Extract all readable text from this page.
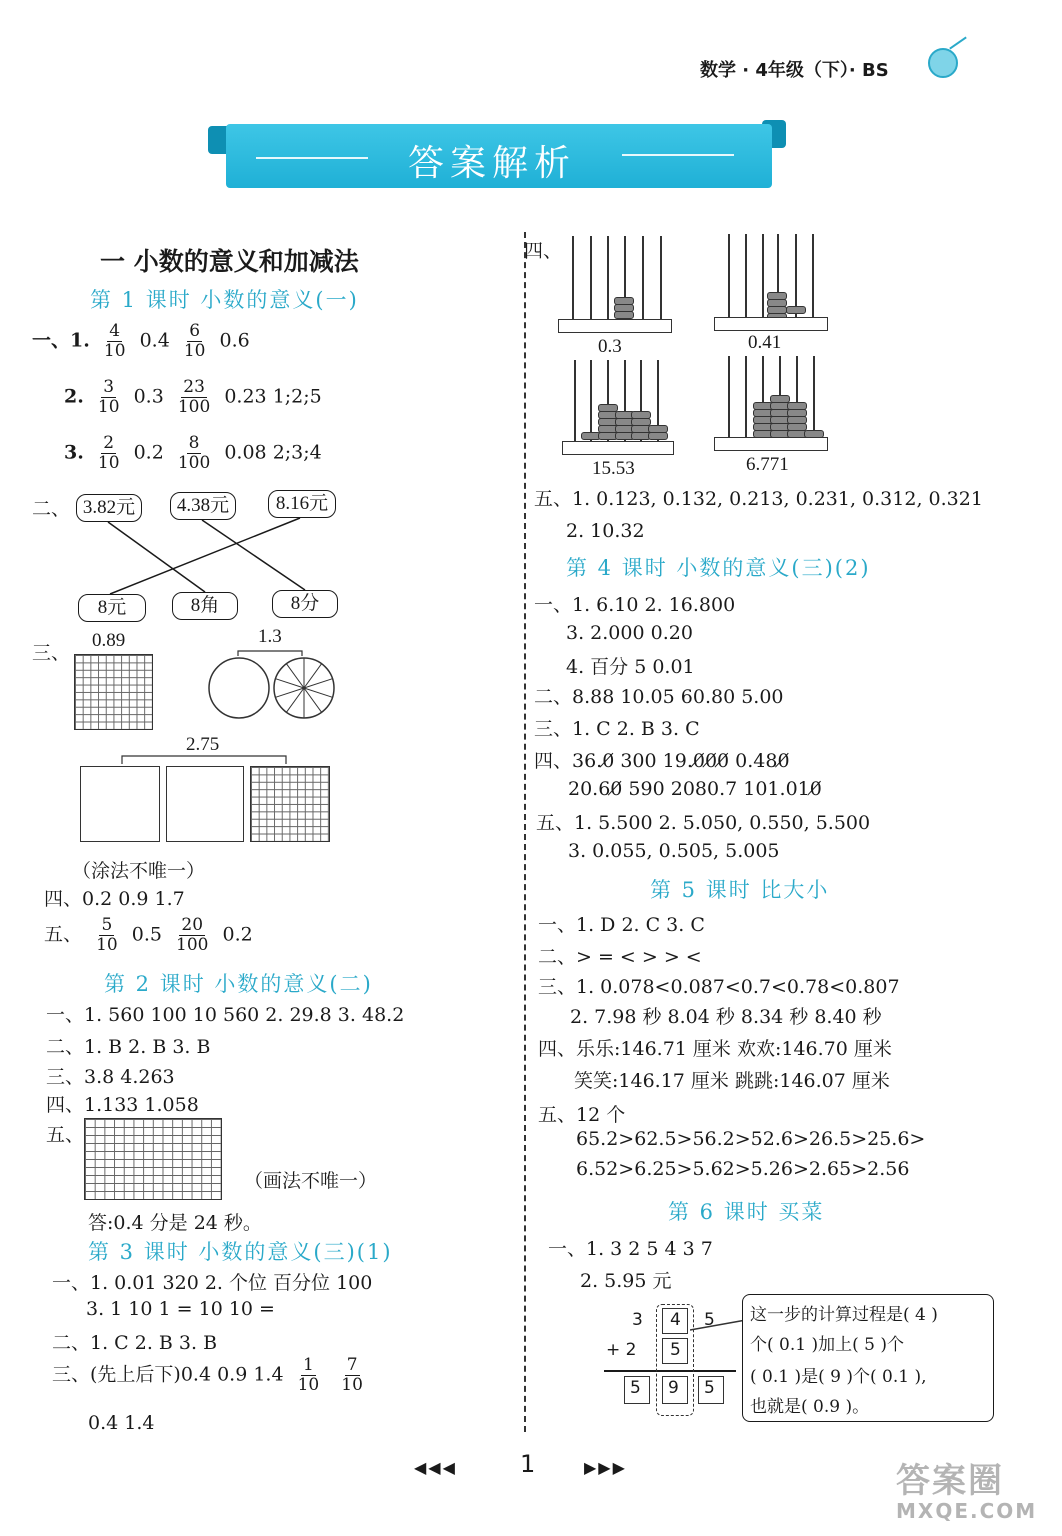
数学 · 4年级（下）· BS
答案解析
一 小数的意义和加减法
第 1 课时 小数的意义(一)
一、1. $\frac{4}{10} 0.4 \frac{6}{10} 0.6$
2. $\frac{3}{10} 0.3 \frac{23}{100} 0.23$ 1;2;5
3. $\frac{2}{10} 0.2 \frac{8}{100} 0.08$ 2;3;4
二、 3.82元	4.38元	8.16元
8元	8角	8分
三、
0.89	1.3
2.75
（涂法不唯一）
四、0.2 0.9 1.7
五、 $\frac{5}{10} 0.5 \frac{20}{100} 0.2$
第 2 课时 小数的意义(二)
一、1. 560 100 10 560 2. 29.8 3. 48.2
二、1. B 2. B 3. B
三、3.8 4.263
四、1.133 1.058
五、
（画法不唯一）
答:0.4 分是 24 秒。
第 3 课时 小数的意义(三)(1)
一、1. 0.01 320 2. 个位 百分位 100
3. 1 10 1 = 10 10 =
二、1. C 2. B 3. B
三、(先上后下)0.4 0.9 $1.4 \frac{1}{10}$
$\frac{7}{10}$
0.4 1.4
四、
0.3	0.41
15.53	6.771
五、1. 0.123, 0.132, 0.213, 0.231, 0.312, 0.321
2. 10.32
第 4 课时 小数的意义(三)(2)
一、1. 6.10 2. 16.800
3. 2.000 0.20
4. 百分 5 0.01
二、8.88 10.05 60.80 5.00
三、1. C 2. B 3. C
四、36.0̸ 300 19.0̸0̸0̸ 0.480̸
20.60̸ 590 2080.7 101.010̸
五、1. 5.500 2. 5.050, 0.550, 5.500
3. 0.055, 0.505, 5.005
第 5 课时 比大小
一、1. D 2. C 3. C
二、> = < > > <
三、1. 0.078<0.087<0.7<0.78<0.807
2. 7.98 秒 8.04 秒 8.34 秒 8.40 秒
四、乐乐:146.71 厘米 欢欢:146.70 厘米
笑笑:146.17 厘米 跳跳:146.07 厘米
五、12 个
65.2>62.5>56.2>52.6>26.5>25.6>
6.52>6.25>5.62>5.26>2.65>2.56
第 6 课时 买菜
一、1. 3 2 5 4 3 7
2. 5.95 元
3 4 5
+ 2 5
5 9 5
这一步的计算过程是( 4 )
个( 0.1 )加上( 5 )个
( 0.1 )是( 9 )个( 0.1 ),
也就是( 0.9 )。
◀◀◀	1	▶▶▶	答案圈
MXQE.COM
